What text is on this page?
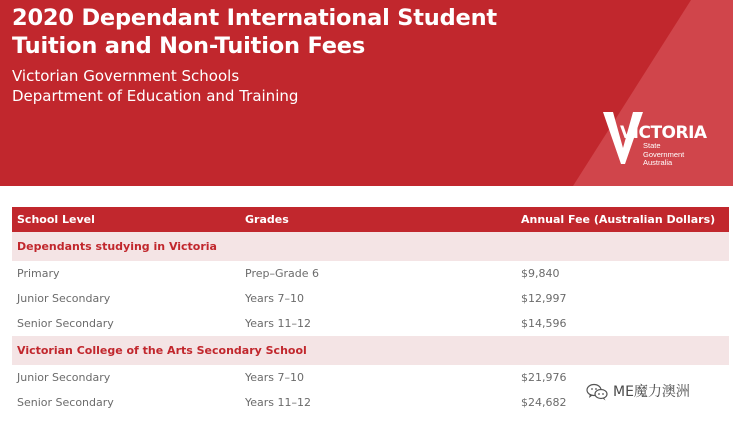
2020 Dependant International Student
Tuition and Non-Tuition Fees
Victorian Government Schools
Department of Education and Training
VICTORIA
State
Government
Australia
School Level	Grades	Annual Fee (Australian Dollars)
Dependants studying in Victoria		
Primary	Prep–Grade 6	$9,840
Junior Secondary	Years 7–10	$12,997
Senior Secondary	Years 11–12	$14,596
Victorian College of the Arts Secondary School		
Junior Secondary	Years 7–10	$21,976
Senior Secondary	Years 11–12	$24,682
ME魔力澳洲
